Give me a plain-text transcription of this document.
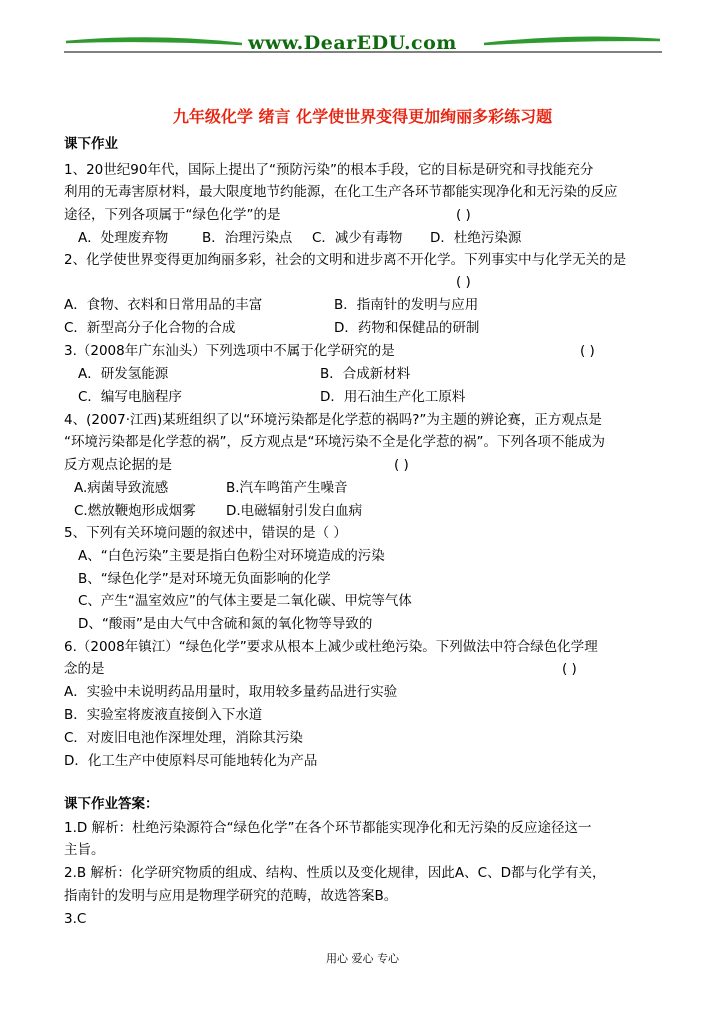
www.DearEDU.com
九年级化学 绪言 化学使世界变得更加绚丽多彩练习题
课下作业
1、20世纪90年代，国际上提出了“预防污染”的根本手段，它的目标是研究和寻找能充分
利用的无毒害原材料，最大限度地节约能源，在化工生产各环节都能实现净化和无污染的反应
途径，下列各项属于“绿色化学”的是	( )
A．处理废弃物	B．治理污染点 C．减少有毒物 D．杜绝污染源
2、化学使世界变得更加绚丽多彩，社会的文明和进步离不开化学。下列事实中与化学无关的是
( )
A．食物、衣料和日常用品的丰富	B．指南针的发明与应用
C．新型高分子化合物的合成	D．药物和保健品的研制
3.（2008年广东汕头）下列选项中不属于化学研究的是	( )
A．研发氢能源	B．合成新材料
C．编写电脑程序	D．用石油生产化工原料
4、(2007·江西)某班组织了以“环境污染都是化学惹的祸吗?”为主题的辨论赛，正方观点是
“环境污染都是化学惹的祸”，反方观点是“环境污染不全是化学惹的祸”。下列各项不能成为
反方观点论据的是	( )
A.病菌导致流感	B.汽车鸣笛产生噪音
C.燃放鞭炮形成烟雾 D.电磁辐射引发白血病
5、下列有关环境问题的叙述中，错误的是（ ）
A、“白色污染”主要是指白色粉尘对环境造成的污染
B、“绿色化学”是对环境无负面影响的化学
C、产生“温室效应”的气体主要是二氧化碳、甲烷等气体
D、“酸雨”是由大气中含硫和氮的氧化物等导致的
6.（2008年镇江）“绿色化学”要求从根本上减少或杜绝污染。下列做法中符合绿色化学理
念的是	( )
A．实验中未说明药品用量时，取用较多量药品进行实验
B．实验室将废液直接倒入下水道
C．对废旧电池作深埋处理，消除其污染
D．化工生产中使原料尽可能地转化为产品
课下作业答案：
1.D 解析：杜绝污染源符合“绿色化学”在各个环节都能实现净化和无污染的反应途径这一
主旨。
2.B 解析：化学研究物质的组成、结构、性质以及变化规律，因此A、C、D都与化学有关，
指南针的发明与应用是物理学研究的范畴，故选答案B。
3.C
用心 爱心 专心
